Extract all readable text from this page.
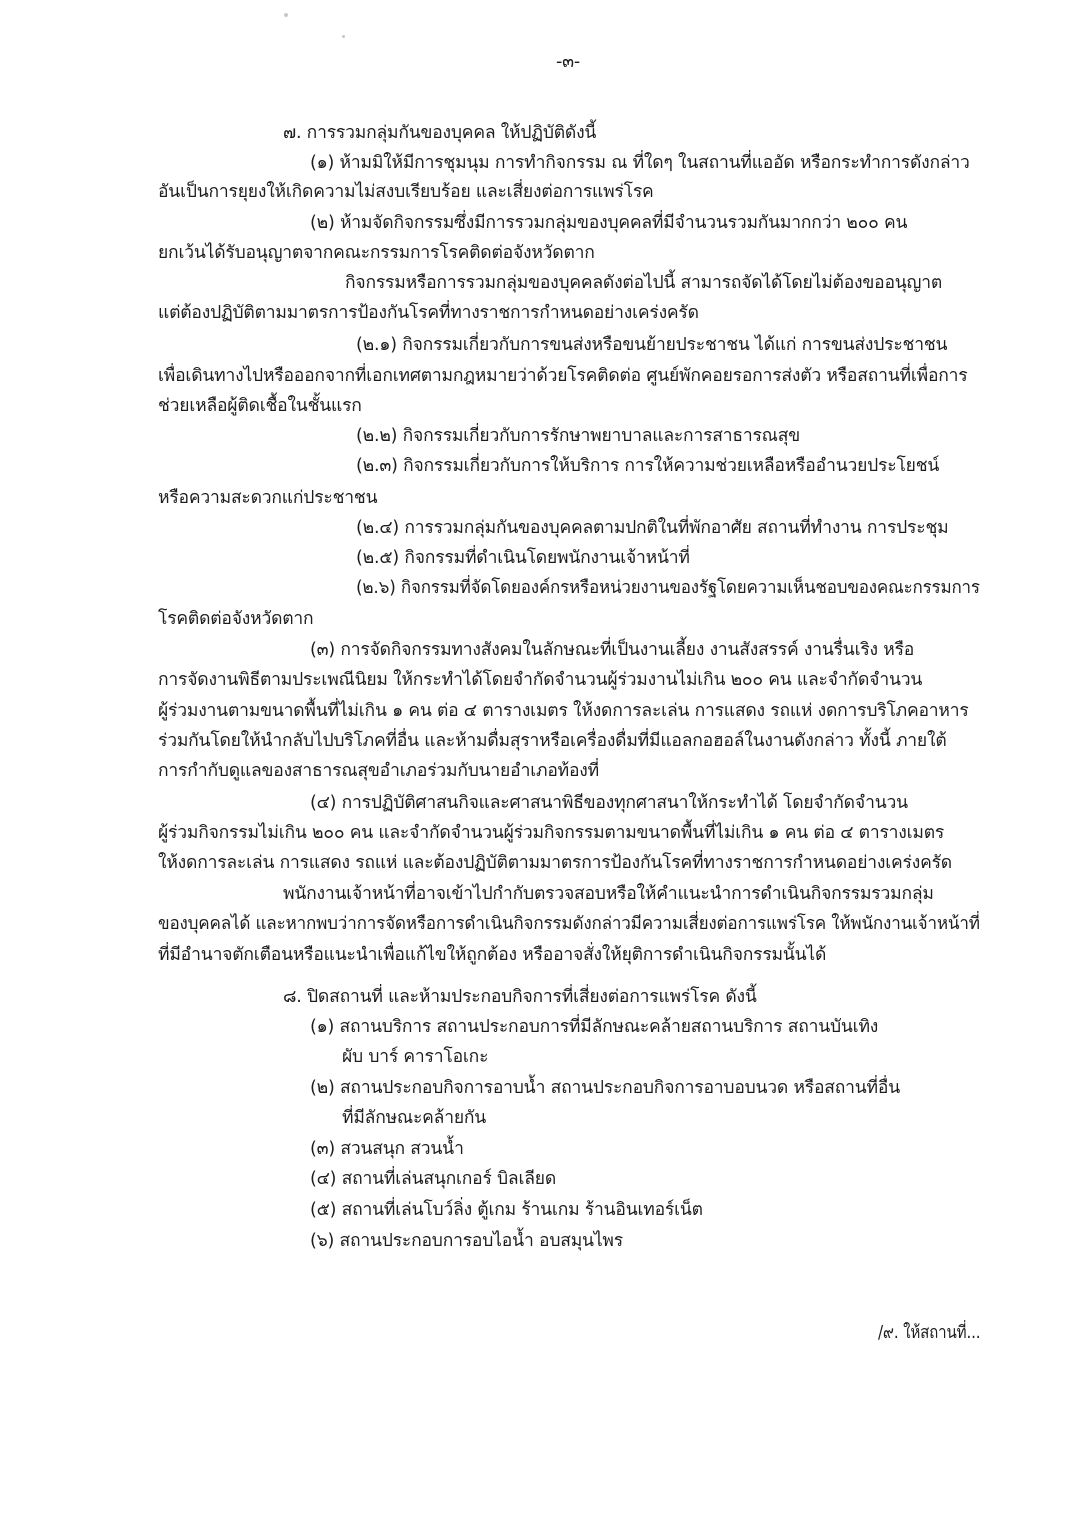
-๓-
๗. การรวมกลุ่มกันของบุคคล ให้ปฏิบัติดังนี้
(๑) ห้ามมิให้มีการชุมนุม การทำกิจกรรม ณ ที่ใดๆ ในสถานที่แออัด หรือกระทำการดังกล่าว
อันเป็นการยุยงให้เกิดความไม่สงบเรียบร้อย และเสี่ยงต่อการแพร่โรค
(๒) ห้ามจัดกิจกรรมซึ่งมีการรวมกลุ่มของบุคคลที่มีจำนวนรวมกันมากกว่า ๒๐๐ คน
ยกเว้นได้รับอนุญาตจากคณะกรรมการโรคติดต่อจังหวัดตาก
กิจกรรมหรือการรวมกลุ่มของบุคคลดังต่อไปนี้ สามารถจัดได้โดยไม่ต้องขออนุญาต
แต่ต้องปฏิบัติตามมาตรการป้องกันโรคที่ทางราชการกำหนดอย่างเคร่งครัด
(๒.๑) กิจกรรมเกี่ยวกับการขนส่งหรือขนย้ายประชาชน ได้แก่ การขนส่งประชาชน
เพื่อเดินทางไปหรือออกจากที่เอกเทศตามกฎหมายว่าด้วยโรคติดต่อ ศูนย์พักคอยรอการส่งตัว หรือสถานที่เพื่อการ
ช่วยเหลือผู้ติดเชื้อในชั้นแรก
(๒.๒) กิจกรรมเกี่ยวกับการรักษาพยาบาลและการสาธารณสุข
(๒.๓) กิจกรรมเกี่ยวกับการให้บริการ การให้ความช่วยเหลือหรืออำนวยประโยชน์
หรือความสะดวกแก่ประชาชน
(๒.๔) การรวมกลุ่มกันของบุคคลตามปกติในที่พักอาศัย สถานที่ทำงาน การประชุม
(๒.๕) กิจกรรมที่ดำเนินโดยพนักงานเจ้าหน้าที่
(๒.๖) กิจกรรมที่จัดโดยองค์กรหรือหน่วยงานของรัฐโดยความเห็นชอบของคณะกรรมการ
โรคติดต่อจังหวัดตาก
(๓) การจัดกิจกรรมทางสังคมในลักษณะที่เป็นงานเลี้ยง งานสังสรรค์ งานรื่นเริง หรือ
การจัดงานพิธีตามประเพณีนิยม ให้กระทำได้โดยจำกัดจำนวนผู้ร่วมงานไม่เกิน ๒๐๐ คน และจำกัดจำนวน
ผู้ร่วมงานตามขนาดพื้นที่ไม่เกิน ๑ คน ต่อ ๔ ตารางเมตร ให้งดการละเล่น การแสดง รถแห่ งดการบริโภคอาหาร
ร่วมกันโดยให้นำกลับไปบริโภคที่อื่น และห้ามดื่มสุราหรือเครื่องดื่มที่มีแอลกอฮอล์ในงานดังกล่าว ทั้งนี้ ภายใต้
การกำกับดูแลของสาธารณสุขอำเภอร่วมกับนายอำเภอท้องที่
(๔) การปฏิบัติศาสนกิจและศาสนาพิธีของทุกศาสนาให้กระทำได้ โดยจำกัดจำนวน
ผู้ร่วมกิจกรรมไม่เกิน ๒๐๐ คน และจำกัดจำนวนผู้ร่วมกิจกรรมตามขนาดพื้นที่ไม่เกิน ๑ คน ต่อ ๔ ตารางเมตร
ให้งดการละเล่น การแสดง รถแห่ และต้องปฏิบัติตามมาตรการป้องกันโรคที่ทางราชการกำหนดอย่างเคร่งครัด
พนักงานเจ้าหน้าที่อาจเข้าไปกำกับตรวจสอบหรือให้คำแนะนำการดำเนินกิจกรรมรวมกลุ่ม
ของบุคคลได้ และหากพบว่าการจัดหรือการดำเนินกิจกรรมดังกล่าวมีความเสี่ยงต่อการแพร่โรค ให้พนักงานเจ้าหน้าที่
ที่มีอำนาจตักเตือนหรือแนะนำเพื่อแก้ไขให้ถูกต้อง หรืออาจสั่งให้ยุติการดำเนินกิจกรรมนั้นได้
๘. ปิดสถานที่ และห้ามประกอบกิจการที่เสี่ยงต่อการแพร่โรค ดังนี้
(๑) สถานบริการ สถานประกอบการที่มีลักษณะคล้ายสถานบริการ สถานบันเทิง
ผับ บาร์ คาราโอเกะ
(๒) สถานประกอบกิจการอาบน้ำ สถานประกอบกิจการอาบอบนวด หรือสถานที่อื่น
ที่มีลักษณะคล้ายกัน
(๓) สวนสนุก สวนน้ำ
(๔) สถานที่เล่นสนุกเกอร์ บิลเลียด
(๕) สถานที่เล่นโบว์ลิ่ง ตู้เกม ร้านเกม ร้านอินเทอร์เน็ต
(๖) สถานประกอบการอบไอน้ำ อบสมุนไพร
/๙. ให้สถานที่...
